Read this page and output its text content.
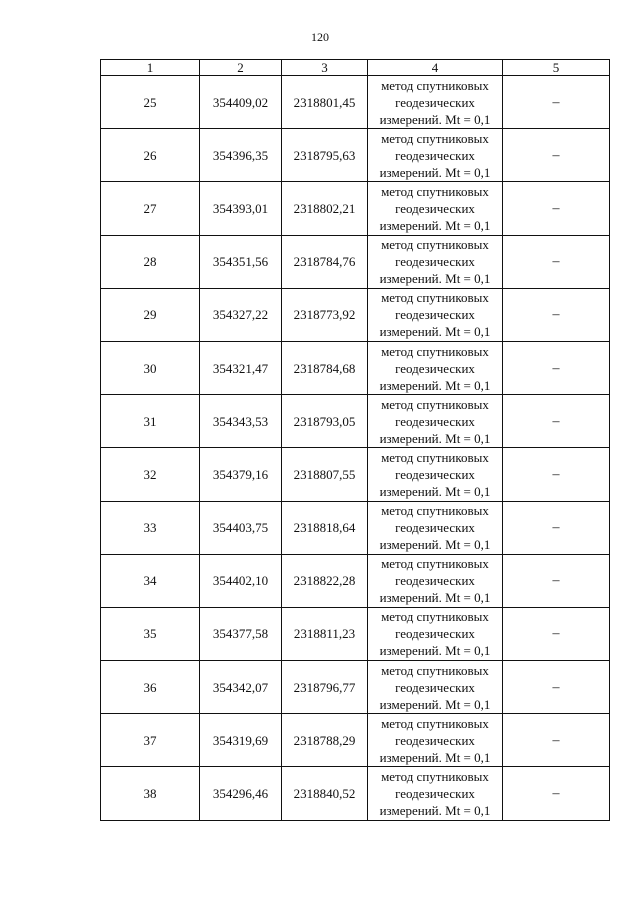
120
1	2	3	4	5
25	354409,02	2318801,45	метод спутниковых
геодезических
измерений. Mt = 0,1	–
26	354396,35	2318795,63	метод спутниковых
геодезических
измерений. Mt = 0,1	–
27	354393,01	2318802,21	метод спутниковых
геодезических
измерений. Mt = 0,1	–
28	354351,56	2318784,76	метод спутниковых
геодезических
измерений. Mt = 0,1	–
29	354327,22	2318773,92	метод спутниковых
геодезических
измерений. Mt = 0,1	–
30	354321,47	2318784,68	метод спутниковых
геодезических
измерений. Mt = 0,1	–
31	354343,53	2318793,05	метод спутниковых
геодезических
измерений. Mt = 0,1	–
32	354379,16	2318807,55	метод спутниковых
геодезических
измерений. Mt = 0,1	–
33	354403,75	2318818,64	метод спутниковых
геодезических
измерений. Mt = 0,1	–
34	354402,10	2318822,28	метод спутниковых
геодезических
измерений. Mt = 0,1	–
35	354377,58	2318811,23	метод спутниковых
геодезических
измерений. Mt = 0,1	–
36	354342,07	2318796,77	метод спутниковых
геодезических
измерений. Mt = 0,1	–
37	354319,69	2318788,29	метод спутниковых
геодезических
измерений. Mt = 0,1	–
38	354296,46	2318840,52	метод спутниковых
геодезических
измерений. Mt = 0,1	–
